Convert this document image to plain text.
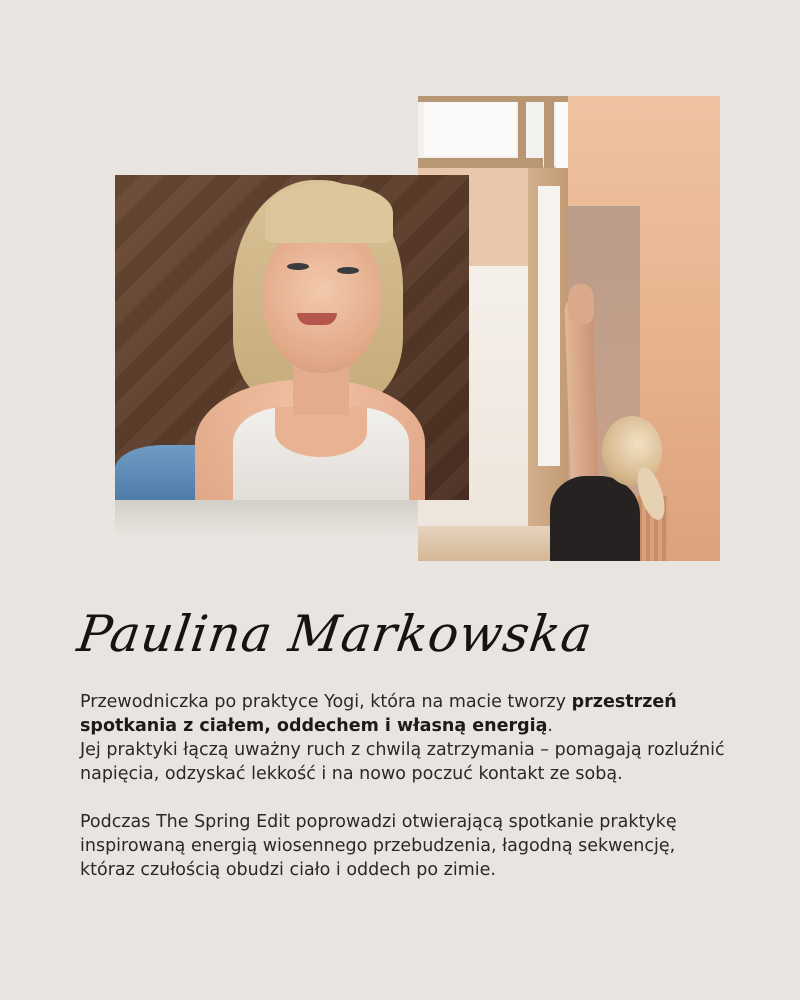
Paulina Markowska

Przewodniczka po praktyce Yogi, która na macie tworzy przestrzeń spotkania z ciałem, oddechem i własną energią.

Jej praktyki łączą uważny ruch z chwilą zatrzymania – pomagają rozluźnić napięcia, odzyskać lekkość i na nowo poczuć kontakt ze sobą.

Podczas The Spring Edit poprowadzi otwierającą spotkanie praktykę inspirowaną energią wiosennego przebudzenia, łagodną sekwencję, któraz czułością obudzi ciało i oddech po zimie.
